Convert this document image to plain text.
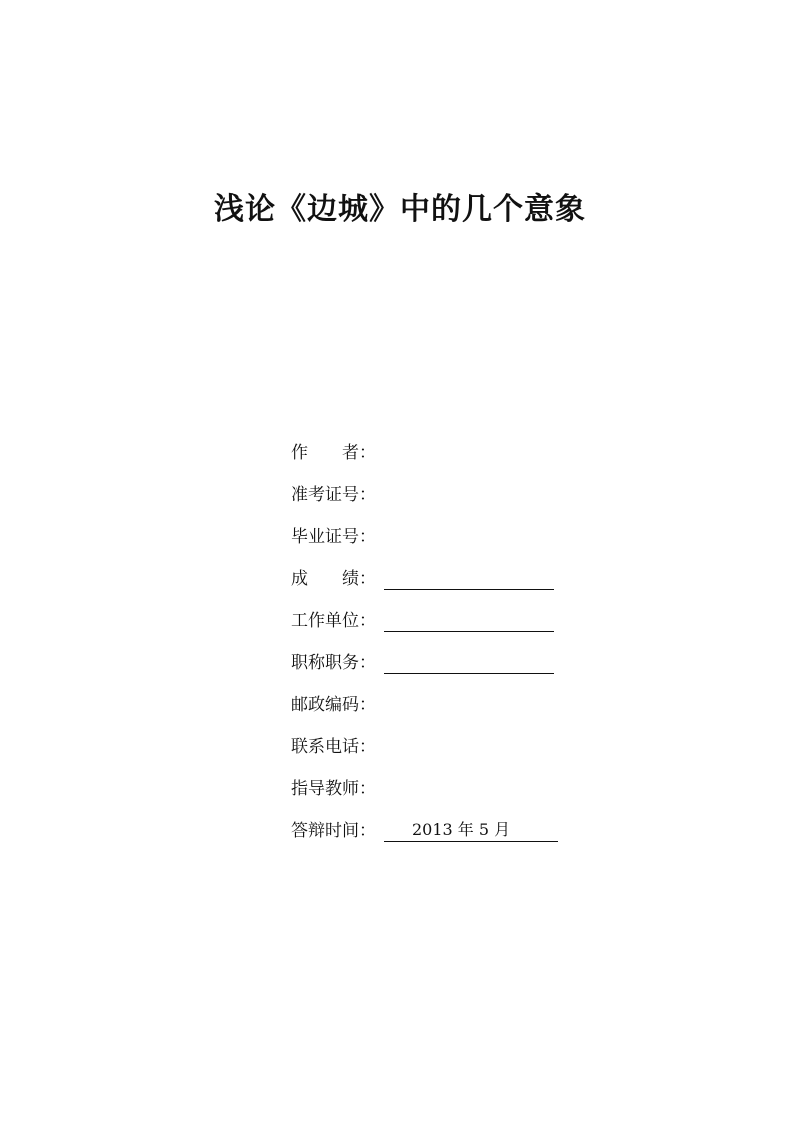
浅论《边城》中的几个意象
作　　者：
准考证号：
毕业证号：
成　　绩：
工作单位：
职称职务：
邮政编码：
联系电话：
指导教师：
答辩时间：	2013 年 5 月
